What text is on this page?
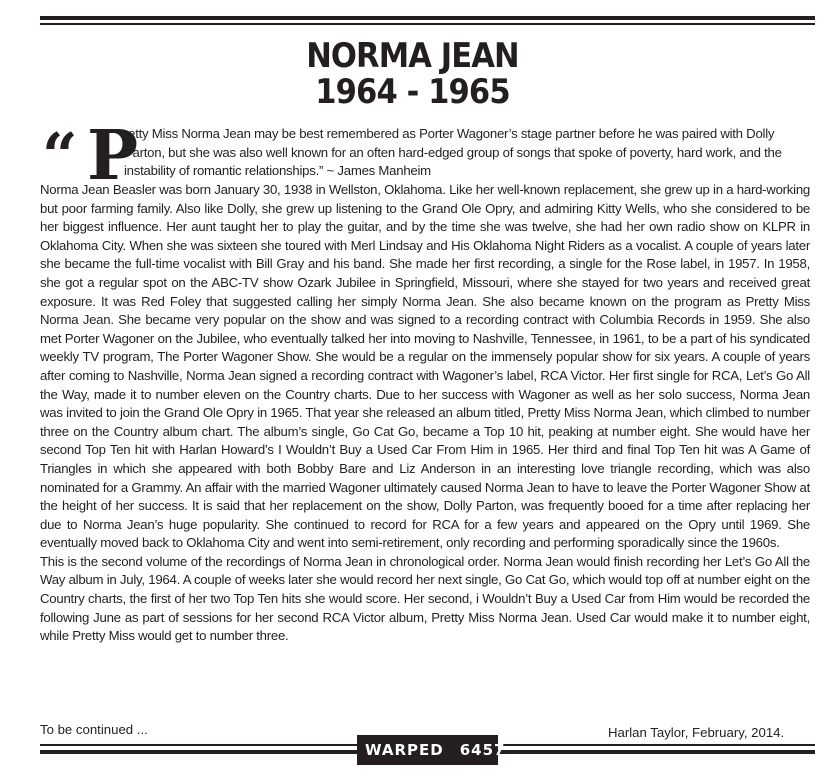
NORMA JEAN
1964 - 1965
“ P

retty Miss Norma Jean may be best remembered as Porter Wagoner’s stage partner before he was paired with Dolly Parton, but she was also well known for an often hard-edged group of songs that spoke of poverty, hard work, and the instability of romantic relationships.” ~ James Manheim

Norma Jean Beasler was born January 30, 1938 in Wellston, Oklahoma. Like her well-known replacement, she grew up in a hard-working but poor farming family. Also like Dolly, she grew up listening to the Grand Ole Opry, and admiring Kitty Wells, who she considered to be her biggest influence. Her aunt taught her to play the guitar, and by the time she was twelve, she had her own radio show on KLPR in Oklahoma City. When she was sixteen she toured with Merl Lindsay and His Oklahoma Night Riders as a vocalist. A couple of years later she became the full-time vocalist with Bill Gray and his band. She made her first recording, a single for the Rose label, in 1957. In 1958, she got a regular spot on the ABC-TV show Ozark Jubilee in Springfield, Missouri, where she stayed for two years and received great exposure. It was Red Foley that suggested calling her simply Norma Jean. She also became known on the program as Pretty Miss Norma Jean. She became very popular on the show and was signed to a recording contract with Columbia Records in 1959. She also met Porter Wagoner on the Jubilee, who eventually talked her into moving to Nashville, Tennessee, in 1961, to be a part of his syndicated weekly TV program, The Porter Wagoner Show. She would be a regular on the immensely popular show for six years. A couple of years after coming to Nashville, Norma Jean signed a recording contract with Wagoner’s label, RCA Victor. Her first single for RCA, Let’s Go All the Way, made it to number eleven on the Country charts. Due to her success with Wagoner as well as her solo success, Norma Jean was invited to join the Grand Ole Opry in 1965. That year she released an album titled, Pretty Miss Norma Jean, which climbed to number three on the Country album chart. The album’s single, Go Cat Go, became a Top 10 hit, peaking at number eight. She would have her second Top Ten hit with Harlan Howard’s I Wouldn’t Buy a Used Car From Him in 1965. Her third and final Top Ten hit was A Game of Triangles in which she appeared with both Bobby Bare and Liz Anderson in an interesting love triangle recording, which was also nominated for a Grammy. An affair with the married Wagoner ultimately caused Norma Jean to have to leave the Porter Wagoner Show at the height of her success. It is said that her replacement on the show, Dolly Parton, was frequently booed for a time after replacing her due to Norma Jean’s huge popularity. She continued to record for RCA for a few years and appeared on the Opry until 1969. She eventually moved back to Oklahoma City and went into semi-retirement, only recording and performing sporadically since the 1960s.

This is the second volume of the recordings of Norma Jean in chronological order. Norma Jean would finish recording her Let’s Go All the Way album in July, 1964. A couple of weeks later she would record her next single, Go Cat Go, which would top off at number eight on the Country charts, the first of her two Top Ten hits she would score. Her second, i Wouldn’t Buy a Used Car from Him would be recorded the following June as part of sessions for her second RCA Victor album, Pretty Miss Norma Jean. Used Car would make it to number eight, while Pretty Miss would get to number three.

To be continued ...	Harlan Taylor, February, 2014.
WARPED 6457
